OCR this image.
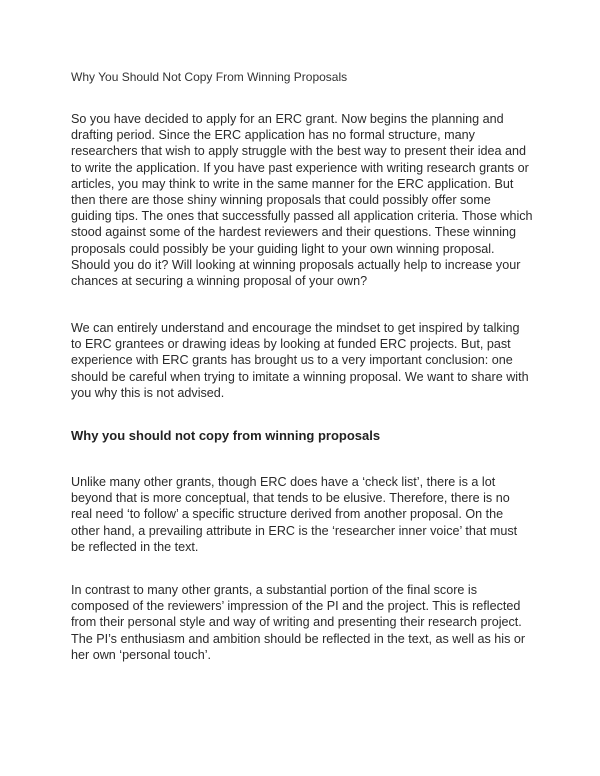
Why You Should Not Copy From Winning Proposals

So you have decided to apply for an ERC grant. Now begins the planning and drafting period. Since the ERC application has no formal structure, many researchers that wish to apply struggle with the best way to present their idea and to write the application. If you have past experience with writing research grants or articles, you may think to write in the same manner for the ERC application. But then there are those shiny winning proposals that could possibly offer some guiding tips. The ones that successfully passed all application criteria. Those which stood against some of the hardest reviewers and their questions. These winning proposals could possibly be your guiding light to your own winning proposal. Should you do it? Will looking at winning proposals actually help to increase your chances at securing a winning proposal of your own?

We can entirely understand and encourage the mindset to get inspired by talking to ERC grantees or drawing ideas by looking at funded ERC projects. But, past experience with ERC grants has brought us to a very important conclusion: one should be careful when trying to imitate a winning proposal. We want to share with you why this is not advised.

Why you should not copy from winning proposals

Unlike many other grants, though ERC does have a ‘check list’, there is a lot beyond that is more conceptual, that tends to be elusive. Therefore, there is no real need ‘to follow’ a specific structure derived from another proposal. On the other hand, a prevailing attribute in ERC is the ‘researcher inner voice’ that must be reflected in the text.

In contrast to many other grants, a substantial portion of the final score is composed of the reviewers’ impression of the PI and the project. This is reflected from their personal style and way of writing and presenting their research project. The PI’s enthusiasm and ambition should be reflected in the text, as well as his or her own ‘personal touch’.
